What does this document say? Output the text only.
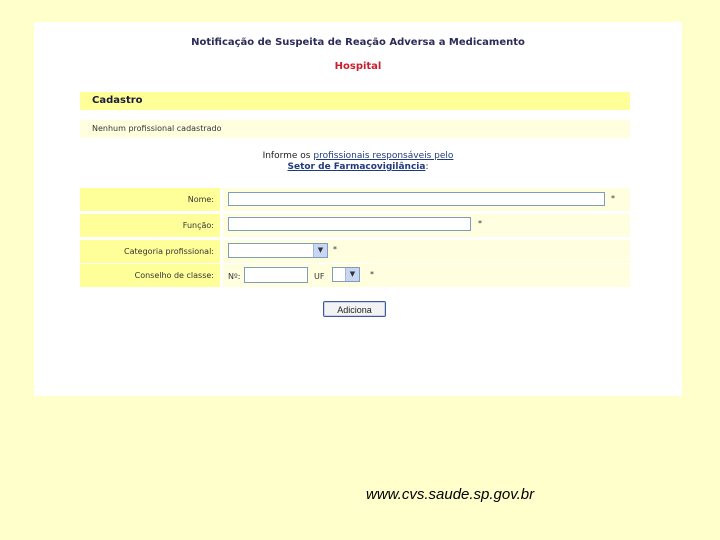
Notificação de Suspeita de Reação Adversa a Medicamento
Hospital
Cadastro
Nenhum profissional cadastrado
Informe os profissionais responsáveis pelo
Setor de Farmacovigilância:
Nome:	*
Função:	*
Categoria profissional:	▼	*
Conselho de classe:	Nº:	UF	▼	*
Adiciona
www.cvs.saude.sp.gov.br
